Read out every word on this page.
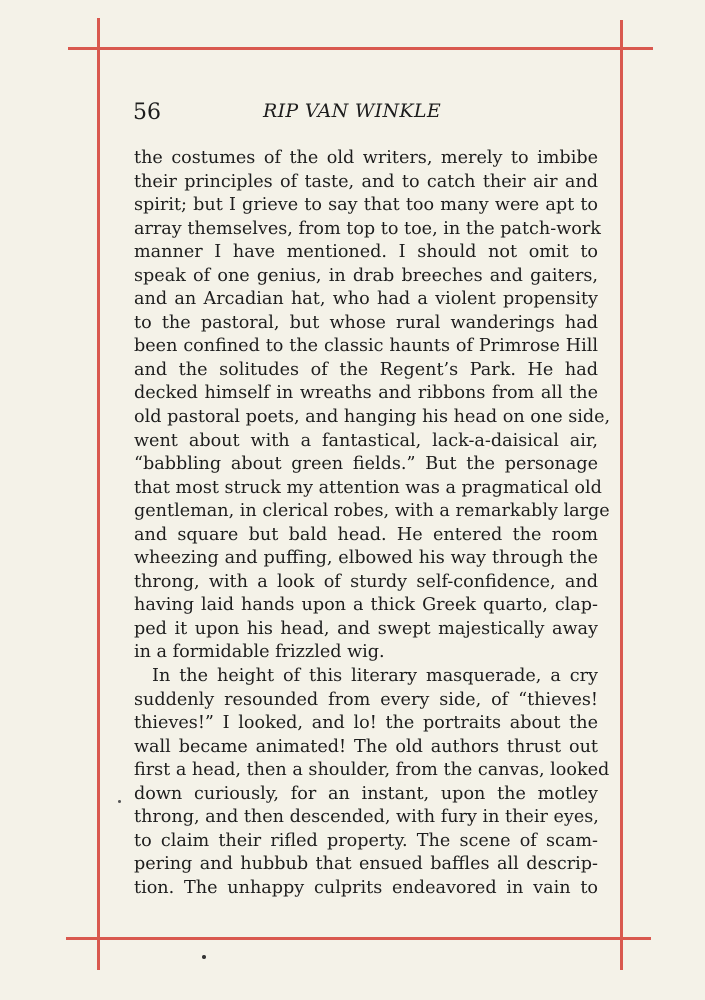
56	RIP VAN WINKLE
the costumes of the old writers, merely to imbibe
their principles of taste, and to catch their air and
spirit; but I grieve to say that too many were apt to
array themselves, from top to toe, in the patch-work
manner I have mentioned. I should not omit to
speak of one genius, in drab breeches and gaiters,
and an Arcadian hat, who had a violent propensity
to the pastoral, but whose rural wanderings had
been confined to the classic haunts of Primrose Hill
and the solitudes of the Regent’s Park. He had
decked himself in wreaths and ribbons from all the
old pastoral poets, and hanging his head on one side,
went about with a fantastical, lack-a-daisical air,
“babbling about green fields.” But the personage
that most struck my attention was a pragmatical old
gentleman, in clerical robes, with a remarkably large
and square but bald head. He entered the room
wheezing and puffing, elbowed his way through the
throng, with a look of sturdy self-confidence, and
having laid hands upon a thick Greek quarto, clap-
ped it upon his head, and swept majestically away
in a formidable frizzled wig.
In the height of this literary masquerade, a cry
suddenly resounded from every side, of “thieves!
thieves!” I looked, and lo! the portraits about the
wall became animated! The old authors thrust out
first a head, then a shoulder, from the canvas, looked
down curiously, for an instant, upon the motley
throng, and then descended, with fury in their eyes,
to claim their rifled property. The scene of scam-
pering and hubbub that ensued baffles all descrip-
tion. The unhappy culprits endeavored in vain to
